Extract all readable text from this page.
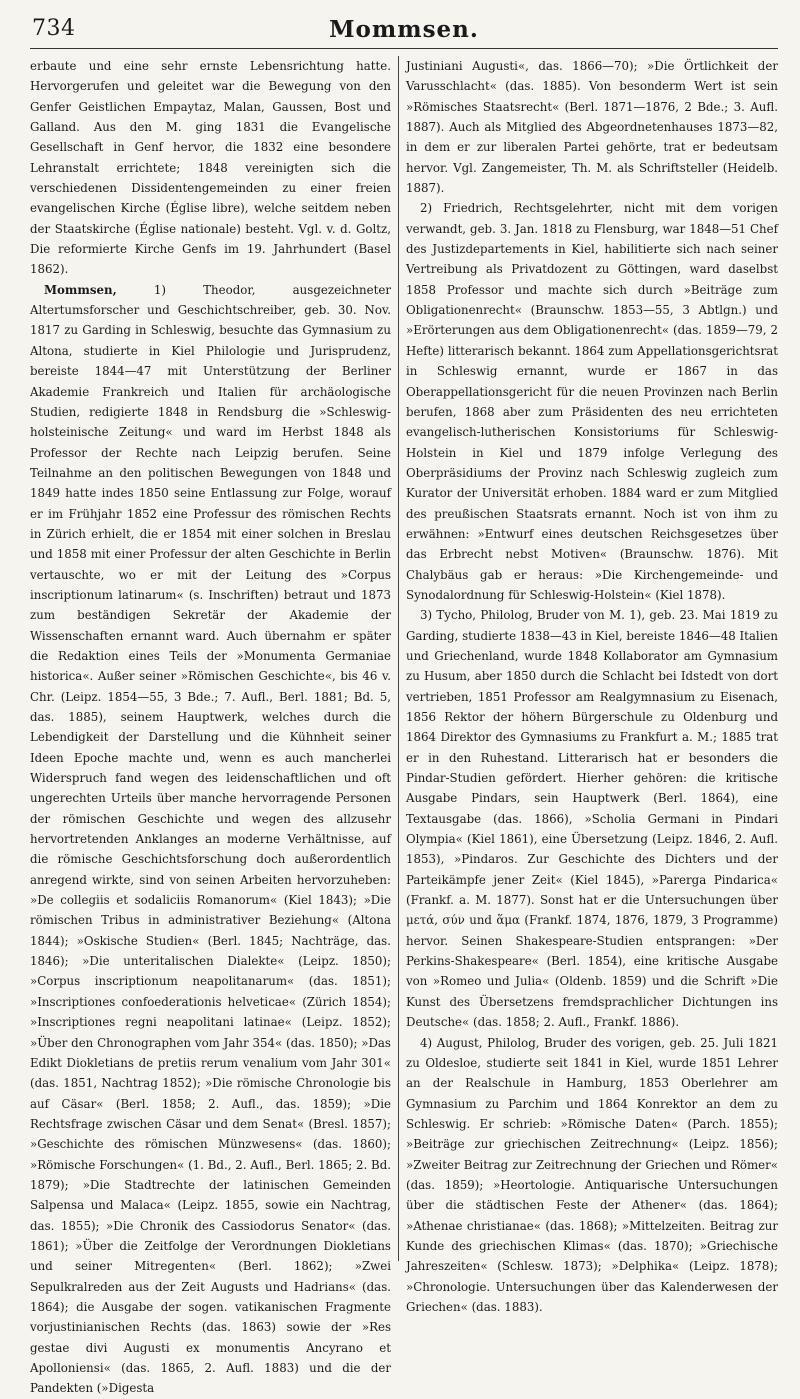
734	Mommsen.

erbaute und eine sehr ernste Lebensrichtung hatte. Hervorgerufen und geleitet war die Bewegung von den Genfer Geistlichen Empaytaz, Malan, Gaussen, Bost und Galland. Aus den M. ging 1831 die Evangelische Gesellschaft in Genf hervor, die 1832 eine besondere Lehranstalt errichtete; 1848 vereinigten sich die verschiedenen Dissidentengemeinden zu einer freien evangelischen Kirche (Église libre), welche seitdem neben der Staatskirche (Église nationale) besteht. Vgl. v. d. Goltz, Die reformierte Kirche Genfs im 19. Jahrhundert (Basel 1862).

Mommsen, 1) Theodor, ausgezeichneter Altertumsforscher und Geschichtschreiber, geb. 30. Nov. 1817 zu Garding in Schleswig, besuchte das Gymnasium zu Altona, studierte in Kiel Philologie und Jurisprudenz, bereiste 1844—47 mit Unterstützung der Berliner Akademie Frankreich und Italien für archäologische Studien, redigierte 1848 in Rendsburg die »Schleswig-holsteinische Zeitung« und ward im Herbst 1848 als Professor der Rechte nach Leipzig berufen. Seine Teilnahme an den politischen Bewegungen von 1848 und 1849 hatte indes 1850 seine Entlassung zur Folge, worauf er im Frühjahr 1852 eine Professur des römischen Rechts in Zürich erhielt, die er 1854 mit einer solchen in Breslau und 1858 mit einer Professur der alten Geschichte in Berlin vertauschte, wo er mit der Leitung des »Corpus inscriptionum latinarum« (s. Inschriften) betraut und 1873 zum beständigen Sekretär der Akademie der Wissenschaften ernannt ward. Auch übernahm er später die Redaktion eines Teils der »Monumenta Germaniae historica«. Außer seiner »Römischen Geschichte«, bis 46 v. Chr. (Leipz. 1854—55, 3 Bde.; 7. Aufl., Berl. 1881; Bd. 5, das. 1885), seinem Hauptwerk, welches durch die Lebendigkeit der Darstellung und die Kühnheit seiner Ideen Epoche machte und, wenn es auch mancherlei Widerspruch fand wegen des leidenschaftlichen und oft ungerechten Urteils über manche hervorragende Personen der römischen Geschichte und wegen des allzusehr hervortretenden Anklanges an moderne Verhältnisse, auf die römische Geschichtsforschung doch außerordentlich anregend wirkte, sind von seinen Arbeiten hervorzuheben: »De collegiis et sodaliciis Romanorum« (Kiel 1843); »Die römischen Tribus in administrativer Beziehung« (Altona 1844); »Oskische Studien« (Berl. 1845; Nachträge, das. 1846); »Die unteritalischen Dialekte« (Leipz. 1850); »Corpus inscriptionum neapolitanarum« (das. 1851); »Inscriptiones confoederationis helveticae« (Zürich 1854); »Inscriptiones regni neapolitani latinae« (Leipz. 1852); »Über den Chronographen vom Jahr 354« (das. 1850); »Das Edikt Diokletians de pretiis rerum venalium vom Jahr 301« (das. 1851, Nachtrag 1852); »Die römische Chronologie bis auf Cäsar« (Berl. 1858; 2. Aufl., das. 1859); »Die Rechtsfrage zwischen Cäsar und dem Senat« (Bresl. 1857); »Geschichte des römischen Münzwesens« (das. 1860); »Römische Forschungen« (1. Bd., 2. Aufl., Berl. 1865; 2. Bd. 1879); »Die Stadtrechte der latinischen Gemeinden Salpensa und Malaca« (Leipz. 1855, sowie ein Nachtrag, das. 1855); »Die Chronik des Cassiodorus Senator« (das. 1861); »Über die Zeitfolge der Verordnungen Diokletians und seiner Mitregenten« (Berl. 1862); »Zwei Sepulkralreden aus der Zeit Augusts und Hadrians« (das. 1864); die Ausgabe der sogen. vatikanischen Fragmente vorjustinianischen Rechts (das. 1863) sowie der »Res gestae divi Augusti ex monumentis Ancyrano et Apolloniensi« (das. 1865, 2. Aufl. 1883) und die der Pandekten (»Digesta

Justiniani Augusti«, das. 1866—70); »Die Örtlichkeit der Varusschlacht« (das. 1885). Von besonderm Wert ist sein »Römisches Staatsrecht« (Berl. 1871—1876, 2 Bde.; 3. Aufl. 1887). Auch als Mitglied des Abgeordnetenhauses 1873—82, in dem er zur liberalen Partei gehörte, trat er bedeutsam hervor. Vgl. Zangemeister, Th. M. als Schriftsteller (Heidelb. 1887).

2) Friedrich, Rechtsgelehrter, nicht mit dem vorigen verwandt, geb. 3. Jan. 1818 zu Flensburg, war 1848—51 Chef des Justizdepartements in Kiel, habilitierte sich nach seiner Vertreibung als Privatdozent zu Göttingen, ward daselbst 1858 Professor und machte sich durch »Beiträge zum Obligationenrecht« (Braunschw. 1853—55, 3 Abtlgn.) und »Erörterungen aus dem Obligationenrecht« (das. 1859—79, 2 Hefte) litterarisch bekannt. 1864 zum Appellationsgerichtsrat in Schleswig ernannt, wurde er 1867 in das Oberappellationsgericht für die neuen Provinzen nach Berlin berufen, 1868 aber zum Präsidenten des neu errichteten evangelisch-lutherischen Konsistoriums für Schleswig-Holstein in Kiel und 1879 infolge Verlegung des Oberpräsidiums der Provinz nach Schleswig zugleich zum Kurator der Universität erhoben. 1884 ward er zum Mitglied des preußischen Staatsrats ernannt. Noch ist von ihm zu erwähnen: »Entwurf eines deutschen Reichsgesetzes über das Erbrecht nebst Motiven« (Braunschw. 1876). Mit Chalybäus gab er heraus: »Die Kirchengemeinde- und Synodalordnung für Schleswig-Holstein« (Kiel 1878).

3) Tycho, Philolog, Bruder von M. 1), geb. 23. Mai 1819 zu Garding, studierte 1838—43 in Kiel, bereiste 1846—48 Italien und Griechenland, wurde 1848 Kollaborator am Gymnasium zu Husum, aber 1850 durch die Schlacht bei Idstedt von dort vertrieben, 1851 Professor am Realgymnasium zu Eisenach, 1856 Rektor der höhern Bürgerschule zu Oldenburg und 1864 Direktor des Gymnasiums zu Frankfurt a. M.; 1885 trat er in den Ruhestand. Litterarisch hat er besonders die Pindar-Studien gefördert. Hierher gehören: die kritische Ausgabe Pindars, sein Hauptwerk (Berl. 1864), eine Textausgabe (das. 1866), »Scholia Germani in Pindari Olympia« (Kiel 1861), eine Übersetzung (Leipz. 1846, 2. Aufl. 1853), »Pindaros. Zur Geschichte des Dichters und der Parteikämpfe jener Zeit« (Kiel 1845), »Parerga Pindarica« (Frankf. a. M. 1877). Sonst hat er die Untersuchungen über μετά, σύν und ἅμα (Frankf. 1874, 1876, 1879, 3 Programme) hervor. Seinen Shakespeare-Studien entsprangen: »Der Perkins-Shakespeare« (Berl. 1854), eine kritische Ausgabe von »Romeo und Julia« (Oldenb. 1859) und die Schrift »Die Kunst des Übersetzens fremdsprachlicher Dichtungen ins Deutsche« (das. 1858; 2. Aufl., Frankf. 1886).

4) August, Philolog, Bruder des vorigen, geb. 25. Juli 1821 zu Oldesloe, studierte seit 1841 in Kiel, wurde 1851 Lehrer an der Realschule in Hamburg, 1853 Oberlehrer am Gymnasium zu Parchim und 1864 Konrektor an dem zu Schleswig. Er schrieb: »Römische Daten« (Parch. 1855); »Beiträge zur griechischen Zeitrechnung« (Leipz. 1856); »Zweiter Beitrag zur Zeitrechnung der Griechen und Römer« (das. 1859); »Heortologie. Antiquarische Untersuchungen über die städtischen Feste der Athener« (das. 1864); »Athenae christianae« (das. 1868); »Mittelzeiten. Beitrag zur Kunde des griechischen Klimas« (das. 1870); »Griechische Jahreszeiten« (Schlesw. 1873); »Delphika« (Leipz. 1878); »Chronologie. Untersuchungen über das Kalenderwesen der Griechen« (das. 1883).
